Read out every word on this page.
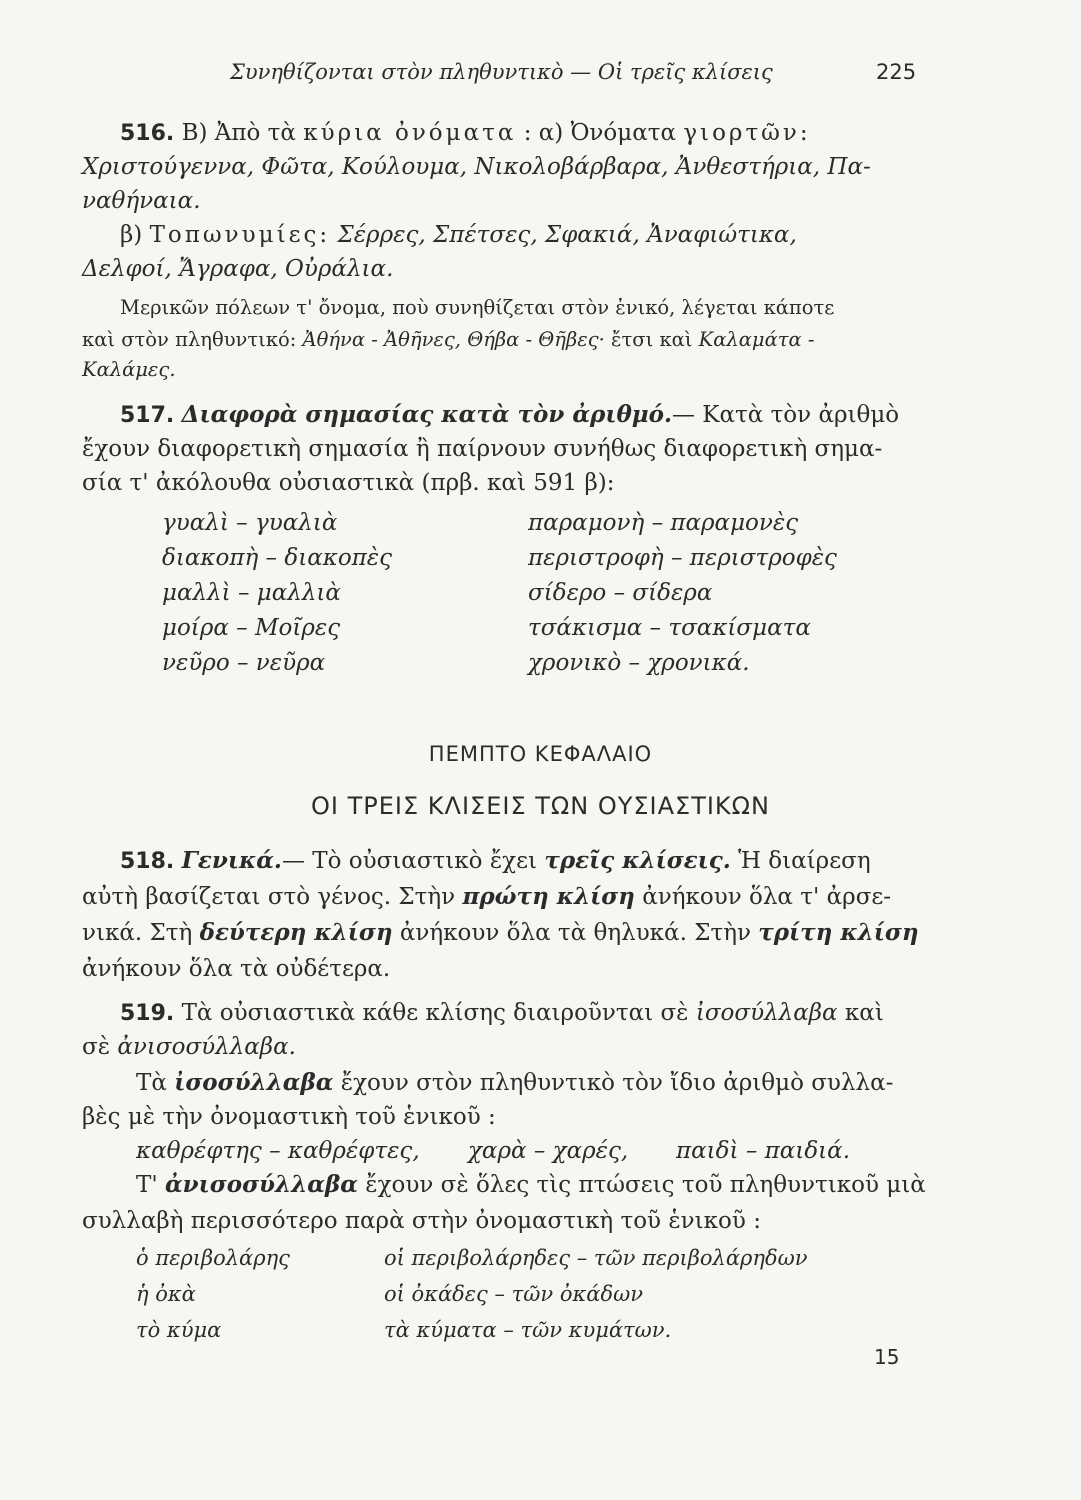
Συνηθίζονται στὸν πληθυντικὸ — Οἱ τρεῖς κλίσεις	225
516. Β) Ἀπὸ τὰ κύρια ὀνόματα : α) Ὀνόματα γιορτῶν:
Χριστούγεννα, Φῶτα, Κούλουμα, Νικολοβάρβαρα, Ἀνθεστήρια, Πα-
ναθήναια.
β) Τοπωνυμίες: Σέρρες, Σπέτσες, Σφακιά, Ἀναφιώτικα,
Δελφοί, Ἄγραφα, Οὐράλια.
Μερικῶν πόλεων τ' ὄνομα, ποὺ συνηθίζεται στὸν ἑνικό, λέγεται κάποτε
καὶ στὸν πληθυντικό: Ἀθήνα - Ἀθῆνες, Θήβα - Θῆβες· ἔτσι καὶ Καλαμάτα -
Καλάμες.
517. Διαφορὰ σημασίας κατὰ τὸν ἀριθμό.— Κατὰ τὸν ἀριθμὸ
ἔχουν διαφορετικὴ σημασία ἢ παίρνουν συνήθως διαφορετικὴ σημα-
σία τ' ἀκόλουθα οὐσιαστικὰ (πρβ. καὶ 591 β):
γυαλὶ – γυαλιὰ
διακοπὴ – διακοπὲς
μαλλὶ – μαλλιὰ
μοίρα – Μοῖρες
νεῦρο – νεῦρα
παραμονὴ – παραμονὲς
περιστροφὴ – περιστροφὲς
σίδερο – σίδερα
τσάκισμα – τσακίσματα
χρονικὸ – χρονικά.
ΠΕΜΠΤΟ ΚΕΦΑΛΑΙΟ
ΟΙ ΤΡΕΙΣ ΚΛΙΣΕΙΣ ΤΩΝ ΟΥΣΙΑΣΤΙΚΩΝ
518. Γενικά.— Τὸ οὐσιαστικὸ ἔχει τρεῖς κλίσεις. Ἡ διαίρεση
αὐτὴ βασίζεται στὸ γένος. Στὴν πρώτη κλίση ἀνήκουν ὅλα τ' ἀρσε-
νικά. Στὴ δεύτερη κλίση ἀνήκουν ὅλα τὰ θηλυκά. Στὴν τρίτη κλίση
ἀνήκουν ὅλα τὰ οὐδέτερα.
519. Τὰ οὐσιαστικὰ κάθε κλίσης διαιροῦνται σὲ ἰσοσύλλαβα καὶ
σὲ ἀνισοσύλλαβα.
Τὰ ἰσοσύλλαβα ἔχουν στὸν πληθυντικὸ τὸν ἴδιο ἀριθμὸ συλλα-
βὲς μὲ τὴν ὀνομαστικὴ τοῦ ἑνικοῦ :
καθρέφτης – καθρέφτες, χαρὰ – χαρές, παιδὶ – παιδιά.
Τ' ἀνισοσύλλαβα ἔχουν σὲ ὅλες τὶς πτώσεις τοῦ πληθυντικοῦ μιὰ
συλλαβὴ περισσότερο παρὰ στὴν ὀνομαστικὴ τοῦ ἑνικοῦ :
ὁ περιβολάρης
ἡ ὀκὰ
τὸ κύμα
οἱ περιβολάρηδες – τῶν περιβολάρηδων
οἱ ὀκάδες – τῶν ὀκάδων
τὰ κύματα – τῶν κυμάτων.
15
